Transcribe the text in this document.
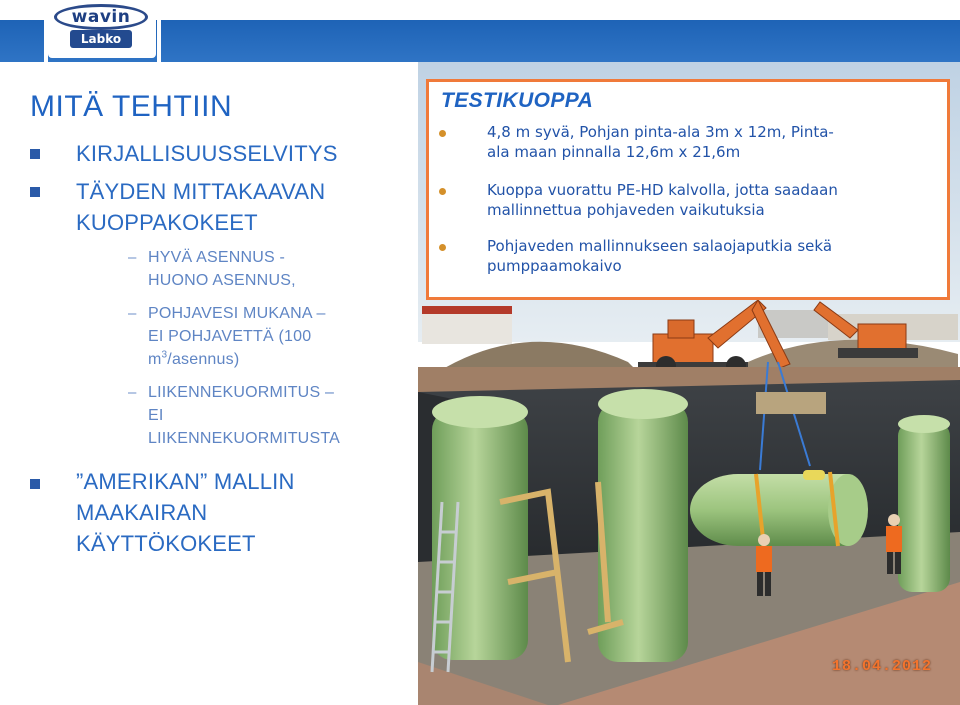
wavin
Labko
MITÄ TEHTIIN
KIRJALLISUUSSELVITYS
TÄYDEN MITTAKAAVAN
KUOPPAKOKEET
– HYVÄ ASENNUS -
HUONO ASENNUS,
– POHJAVESI MUKANA –
EI POHJAVETTÄ (100
$m^3/asennus$)
– LIIKENNEKUORMITUS –
EI
LIIKENNEKUORMITUSTA
”AMERIKAN” MALLIN
MAAKAIRAN
KÄYTTÖKOKEET
18.04.2012
TESTIKUOPPA
4,8 m syvä, Pohjan pinta-ala 3m x 12m, Pinta-
ala maan pinnalla 12,6m x 21,6m
Kuoppa vuorattu PE-HD kalvolla, jotta saadaan
mallinnettua pohjaveden vaikutuksia
Pohjaveden mallinnukseen salaojaputkia sekä
pumppaamokaivo
